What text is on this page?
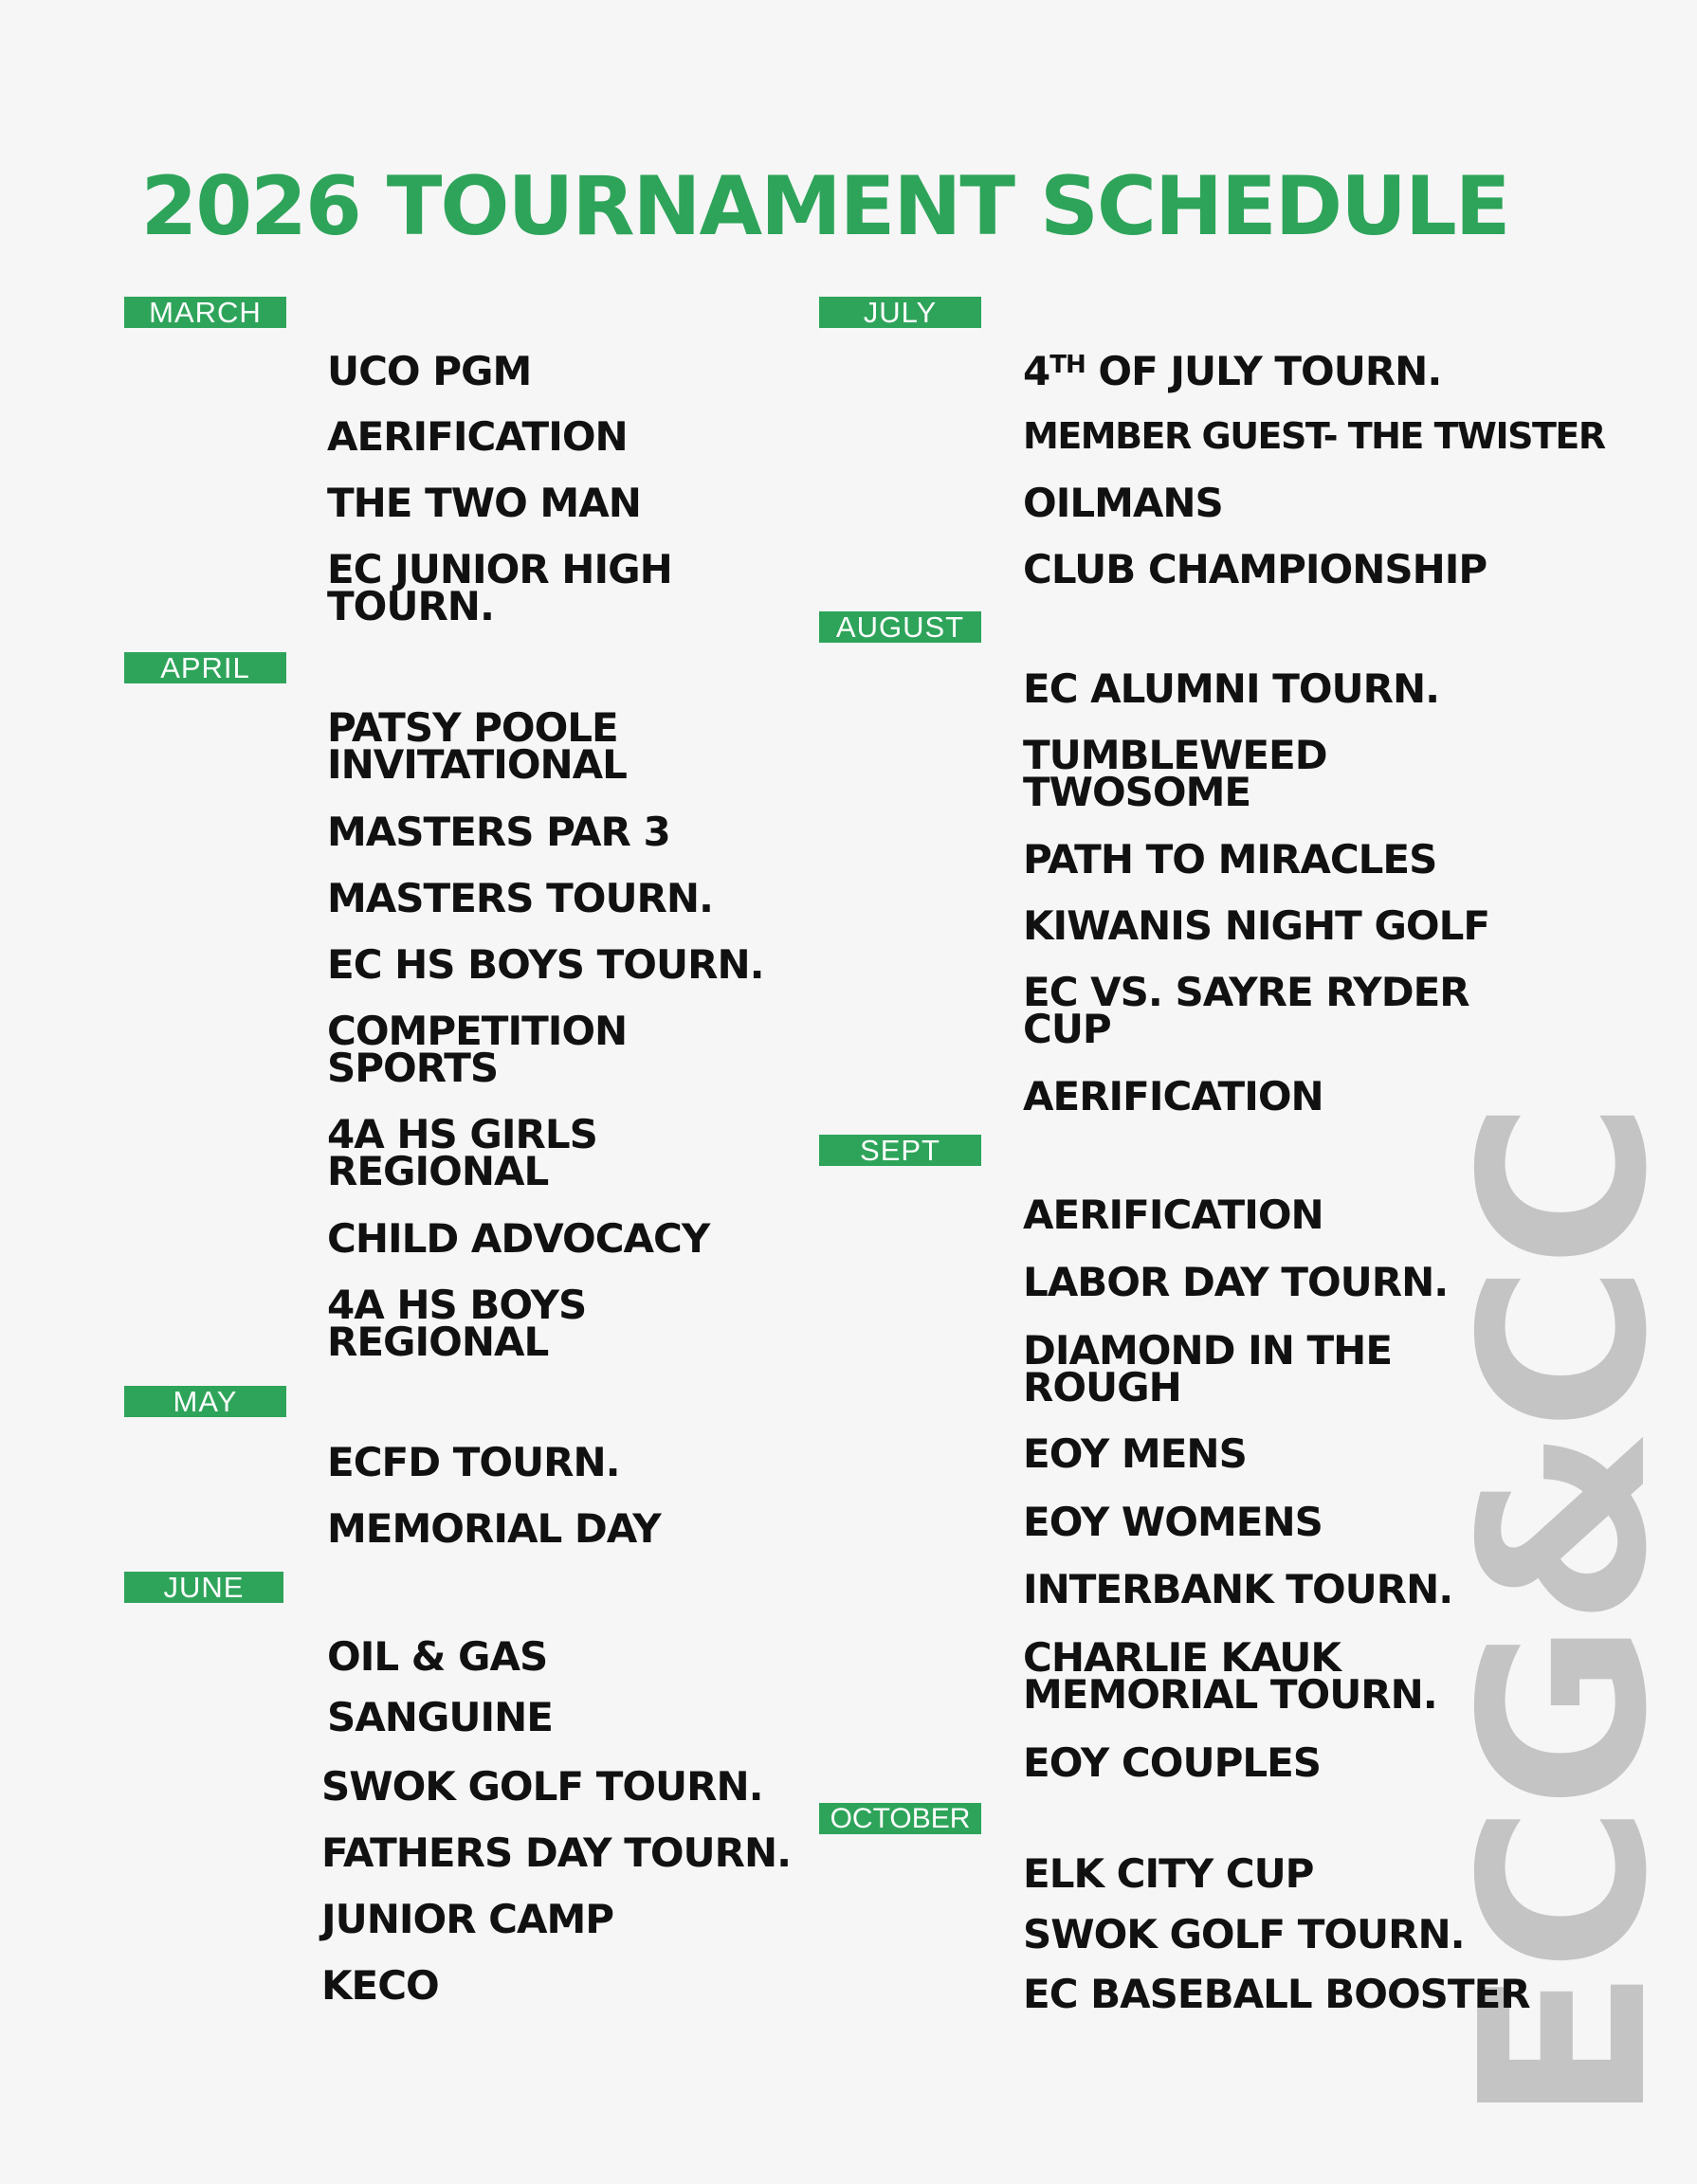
2026 TOURNAMENT SCHEDULE
ECG&CC
MARCH
UCO PGM
AERIFICATION
THE TWO MAN
EC JUNIOR HIGH
TOURN.
APRIL
PATSY POOLE
INVITATIONAL
MASTERS PAR 3
MASTERS TOURN.
EC HS BOYS TOURN.
COMPETITION
SPORTS
4A HS GIRLS
REGIONAL
CHILD ADVOCACY
4A HS BOYS
REGIONAL
MAY
ECFD TOURN.
MEMORIAL DAY
JUNE
OIL & GAS
SANGUINE
SWOK GOLF TOURN.
FATHERS DAY TOURN.
JUNIOR CAMP
KECO
JULY
4TH OF JULY TOURN.
MEMBER GUEST- THE TWISTER
OILMANS
CLUB CHAMPIONSHIP
AUGUST
EC ALUMNI TOURN.
TUMBLEWEED
TWOSOME
PATH TO MIRACLES
KIWANIS NIGHT GOLF
EC VS. SAYRE RYDER
CUP
AERIFICATION
SEPT
AERIFICATION
LABOR DAY TOURN.
DIAMOND IN THE
ROUGH
EOY MENS
EOY WOMENS
INTERBANK TOURN.
CHARLIE KAUK
MEMORIAL TOURN.
EOY COUPLES
OCTOBER
ELK CITY CUP
SWOK GOLF TOURN.
EC BASEBALL BOOSTER
